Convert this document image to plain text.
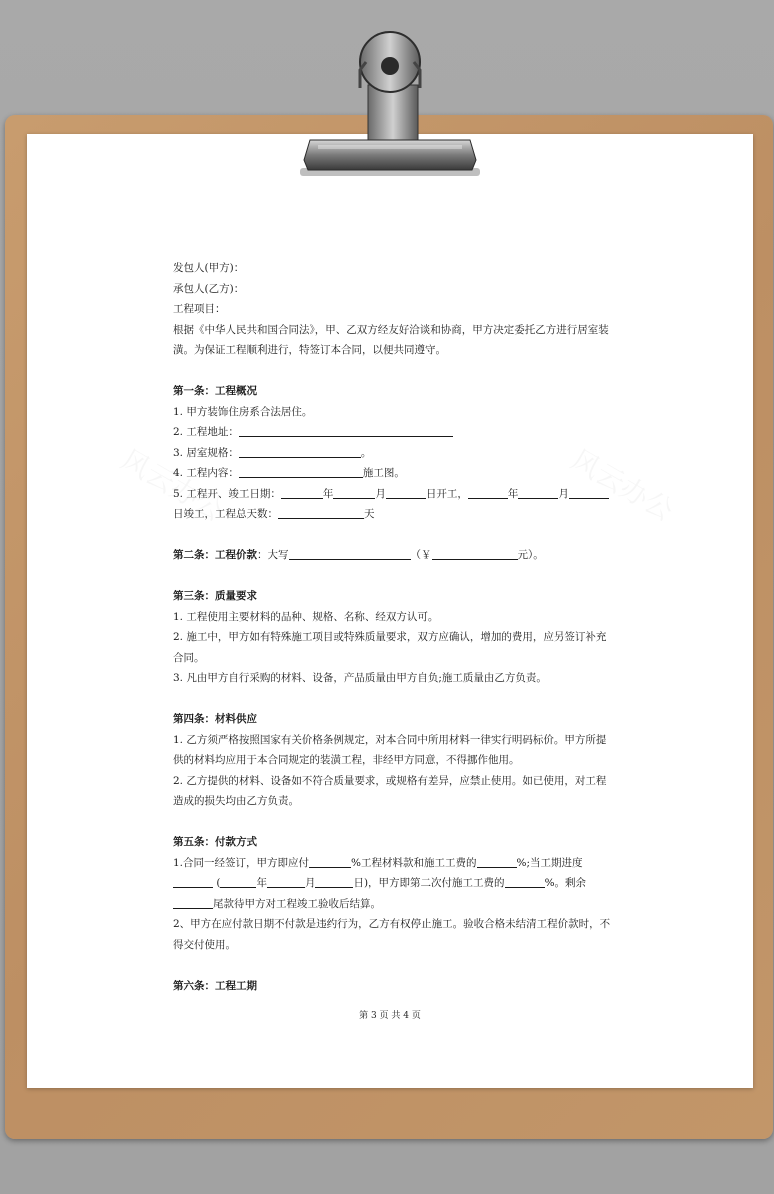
发包人(甲方)：
承包人(乙方)：
工程项目：
根据《中华人民共和国合同法》，甲、乙双方经友好洽谈和协商，甲方决定委托乙方进行居室装
潢。为保证工程顺利进行，特签订本合同，以便共同遵守。
第一条：工程概况
1. 甲方装饰住房系合法居住。
2. 工程地址：
3. 居室规格：	。
4. 工程内容：	施工图。
5. 工程开、竣工日期：	年	月	日开工，	年	月
日竣工，工程总天数：	天
第二条：工程价款：大写	（￥	元）。
第三条：质量要求
1. 工程使用主要材料的品种、规格、名称、经双方认可。
2. 施工中，甲方如有特殊施工项目或特殊质量要求，双方应确认，增加的费用，应另签订补充
合同。
3. 凡由甲方自行采购的材料、设备，产品质量由甲方自负;施工质量由乙方负责。
第四条：材料供应
1. 乙方须严格按照国家有关价格条例规定，对本合同中所用材料一律实行明码标价。甲方所提
供的材料均应用于本合同规定的装潢工程，非经甲方同意，不得挪作他用。
2. 乙方提供的材料、设备如不符合质量要求，或规格有差异，应禁止使用。如已使用，对工程
造成的损失均由乙方负责。
第五条：付款方式
1.合同一经签订，甲方即应付	%工程材料款和施工工费的	%;当工期进度
(	年	月	日)，甲方即第二次付施工工费的	%。剩余
尾款待甲方对工程竣工验收后结算。
2、甲方在应付款日期不付款是违约行为，乙方有权停止施工。验收合格未结清工程价款时，不
得交付使用。
第六条：工程工期
第 3 页 共 4 页
